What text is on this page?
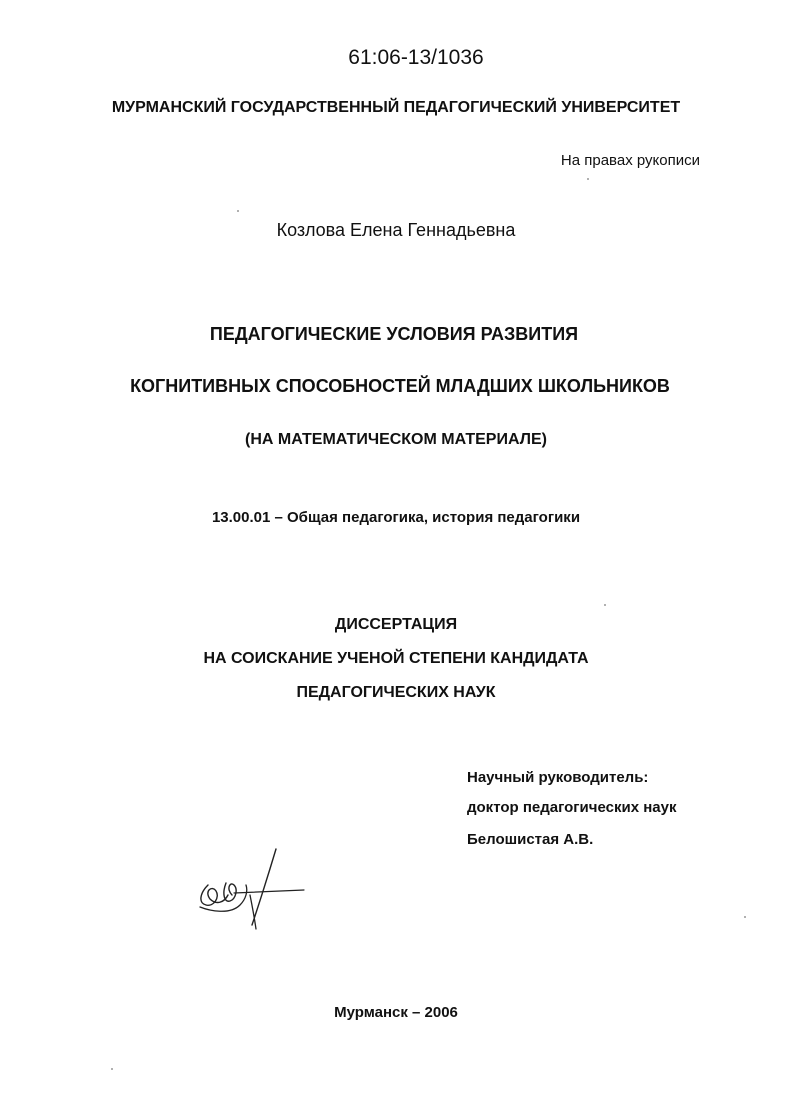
61:06-13/1036
МУРМАНСКИЙ ГОСУДАРСТВЕННЫЙ ПЕДАГОГИЧЕСКИЙ УНИВЕРСИТЕТ
На правах рукописи
Козлова Елена Геннадьевна
ПЕДАГОГИЧЕСКИЕ УСЛОВИЯ РАЗВИТИЯ
КОГНИТИВНЫХ СПОСОБНОСТЕЙ МЛАДШИХ ШКОЛЬНИКОВ
(НА МАТЕМАТИЧЕСКОМ МАТЕРИАЛЕ)
13.00.01 – Общая педагогика, история педагогики
ДИССЕРТАЦИЯ
НА СОИСКАНИЕ УЧЕНОЙ СТЕПЕНИ КАНДИДАТА
ПЕДАГОГИЧЕСКИХ НАУК
Научный руководитель:
доктор педагогических наук
Белошистая А.В.
Мурманск – 2006
